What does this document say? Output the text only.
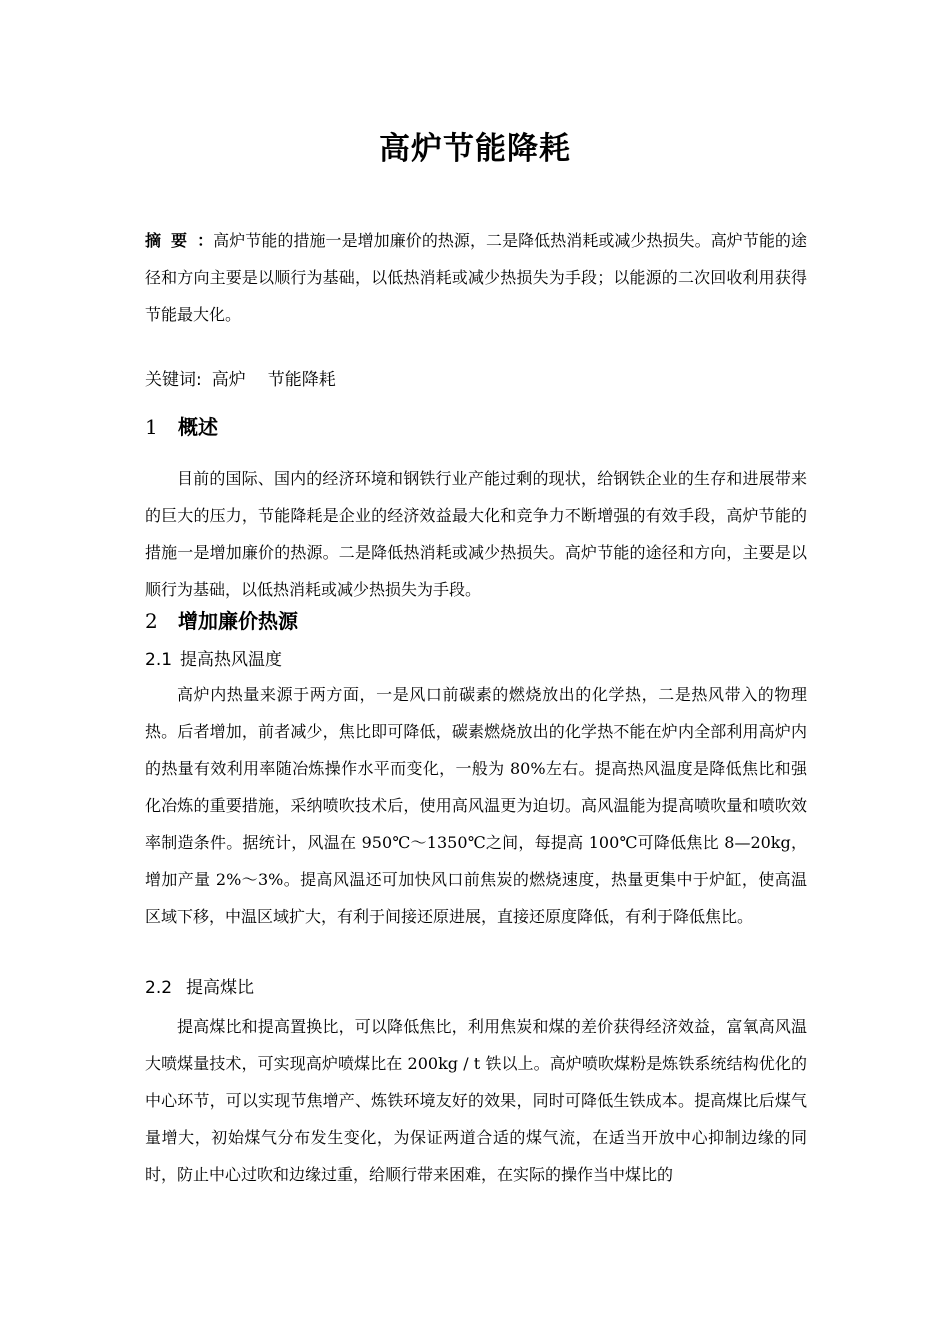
高炉节能降耗

摘要：高炉节能的措施一是增加廉价的热源，二是降低热消耗或减少热损失。高炉节能的途径和方向主要是以顺行为基础，以低热消耗或减少热损失为手段；以能源的二次回收利用获得节能最大化。

关键词: 高炉 节能降耗
1 概述

目前的国际、国内的经济环境和钢铁行业产能过剩的现状，给钢铁企业的生存和进展带来的巨大的压力，节能降耗是企业的经济效益最大化和竞争力不断增强的有效手段，高炉节能的措施一是增加廉价的热源。二是降低热消耗或减少热损失。高炉节能的途径和方向，主要是以顺行为基础，以低热消耗或减少热损失为手段。

2 增加廉价热源
2.1 提高热风温度

高炉内热量来源于两方面，一是风口前碳素的燃烧放出的化学热，二是热风带入的物理热。后者增加，前者减少，焦比即可降低，碳素燃烧放出的化学热不能在炉内全部利用高炉内的热量有效利用率随冶炼操作水平而变化，一般为 80%左右。提高热风温度是降低焦比和强化冶炼的重要措施，采纳喷吹技术后，使用高风温更为迫切。高风温能为提高喷吹量和喷吹效率制造条件。据统计，风温在 950℃～1350℃之间，每提高 100℃可降低焦比 8—20kg，增加产量 2%～3%。提高风温还可加快风口前焦炭的燃烧速度，热量更集中于炉缸，使高温区域下移，中温区域扩大，有利于间接还原进展，直接还原度降低，有利于降低焦比。

2.2 提高煤比

提高煤比和提高置换比，可以降低焦比，利用焦炭和煤的差价获得经济效益，富氧高风温大喷煤量技术，可实现高炉喷煤比在 200kg / t 铁以上。高炉喷吹煤粉是炼铁系统结构优化的中心环节，可以实现节焦增产、炼铁环境友好的效果，同时可降低生铁成本。提高煤比后煤气量增大，初始煤气分布发生变化，为保证两道合适的煤气流，在适当开放中心抑制边缘的同时，防止中心过吹和边缘过重，给顺行带来困难，在实际的操作当中煤比的
